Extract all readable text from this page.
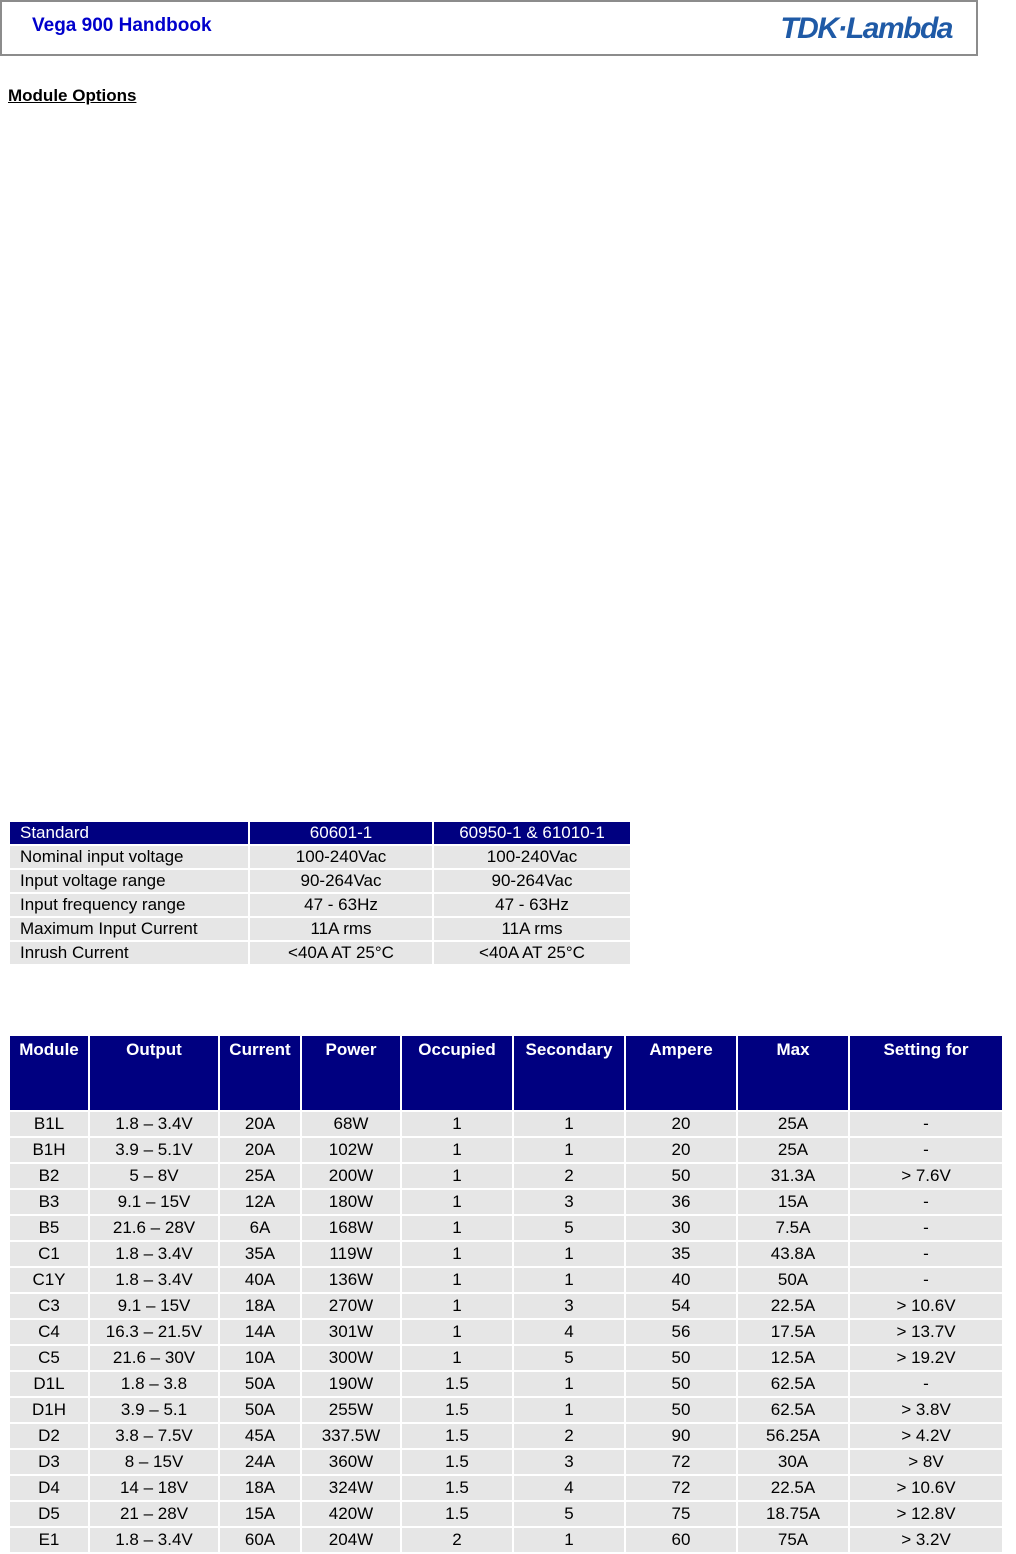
Vega 900 Handbook	TDK·Lambda
Module Options
Standard	60601-1	60950-1 & 61010-1
Nominal input voltage	100-240Vac	100-240Vac
Input voltage range	90-264Vac	90-264Vac
Input frequency range	47 - 63Hz	47 - 63Hz
Maximum Input Current	11A rms	11A rms
Inrush Current	<40A AT 25°C	<40A AT 25°C
Module	Output	Current	Power	Occupied	Secondary	Ampere	Max	Setting for
B1L	1.8 – 3.4V	20A	68W	1	1	20	25A	-
B1H	3.9 – 5.1V	20A	102W	1	1	20	25A	-
B2	5 – 8V	25A	200W	1	2	50	31.3A	> 7.6V
B3	9.1 – 15V	12A	180W	1	3	36	15A	-
B5	21.6 – 28V	6A	168W	1	5	30	7.5A	-
C1	1.8 – 3.4V	35A	119W	1	1	35	43.8A	-
C1Y	1.8 – 3.4V	40A	136W	1	1	40	50A	-
C3	9.1 – 15V	18A	270W	1	3	54	22.5A	> 10.6V
C4	16.3 – 21.5V	14A	301W	1	4	56	17.5A	> 13.7V
C5	21.6 – 30V	10A	300W	1	5	50	12.5A	> 19.2V
D1L	1.8 – 3.8	50A	190W	1.5	1	50	62.5A	-
D1H	3.9 – 5.1	50A	255W	1.5	1	50	62.5A	> 3.8V
D2	3.8 – 7.5V	45A	337.5W	1.5	2	90	56.25A	> 4.2V
D3	8 – 15V	24A	360W	1.5	3	72	30A	> 8V
D4	14 – 18V	18A	324W	1.5	4	72	22.5A	> 10.6V
D5	21 – 28V	15A	420W	1.5	5	75	18.75A	> 12.8V
E1	1.8 – 3.4V	60A	204W	2	1	60	75A	> 3.2V
